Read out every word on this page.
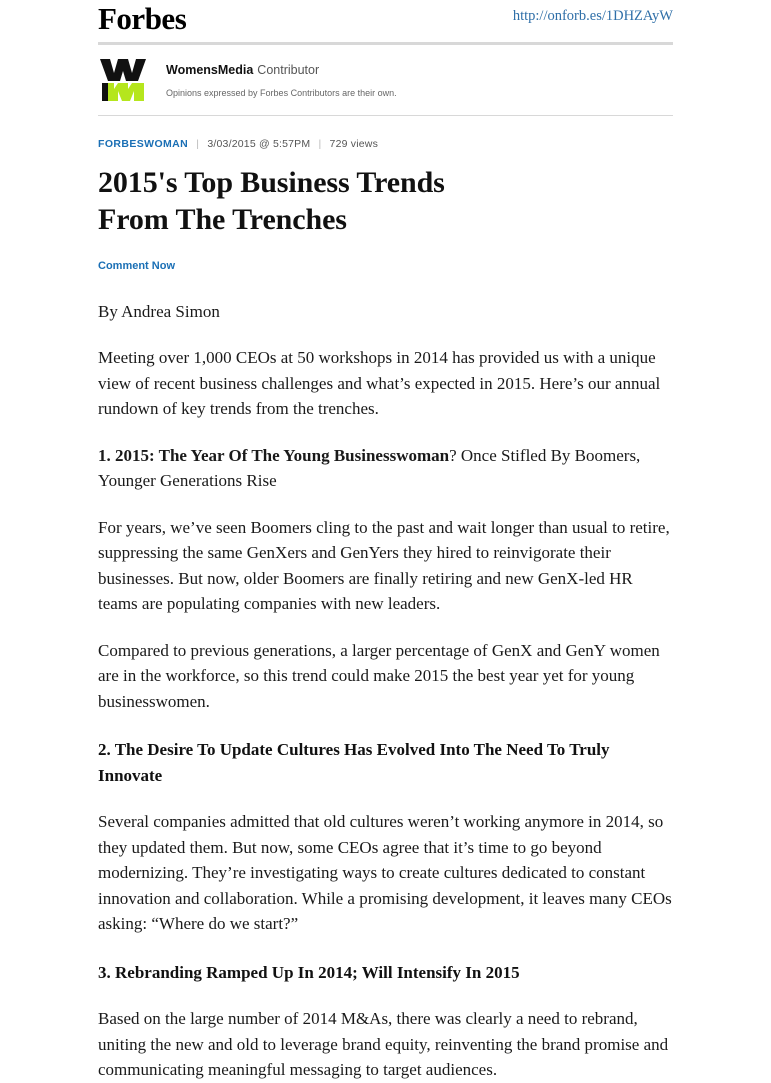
Forbes	http://onforb.es/1DHZAyW
WomensMedia Contributor
Opinions expressed by Forbes Contributors are their own.
FORBESWOMAN | 3/03/2015 @ 5:57PM | 729 views
2015's Top Business Trends
From The Trenches
Comment Now
By Andrea Simon

Meeting over 1,000 CEOs at 50 workshops in 2014 has provided us with a unique view of recent business challenges and what’s expected in 2015. Here’s our annual rundown of key trends from the trenches.

1. 2015: The Year Of The Young Businesswoman? Once Stifled By Boomers, Younger Generations Rise

For years, we’ve seen Boomers cling to the past and wait longer than usual to retire, suppressing the same GenXers and GenYers they hired to reinvigorate their businesses. But now, older Boomers are finally retiring and new GenX-led HR teams are populating companies with new leaders.

Compared to previous generations, a larger percentage of GenX and GenY women are in the workforce, so this trend could make 2015 the best year yet for young businesswomen.

2. The Desire To Update Cultures Has Evolved Into The Need To Truly Innovate

Several companies admitted that old cultures weren’t working anymore in 2014, so they updated them. But now, some CEOs agree that it’s time to go beyond modernizing. They’re investigating ways to create cultures dedicated to constant innovation and collaboration. While a promising development, it leaves many CEOs asking: “Where do we start?”

3. Rebranding Ramped Up In 2014; Will Intensify In 2015

Based on the large number of 2014 M&As, there was clearly a need to rebrand, uniting the new and old to leverage brand equity, reinventing the brand promise and communicating meaningful messaging to target audiences.
